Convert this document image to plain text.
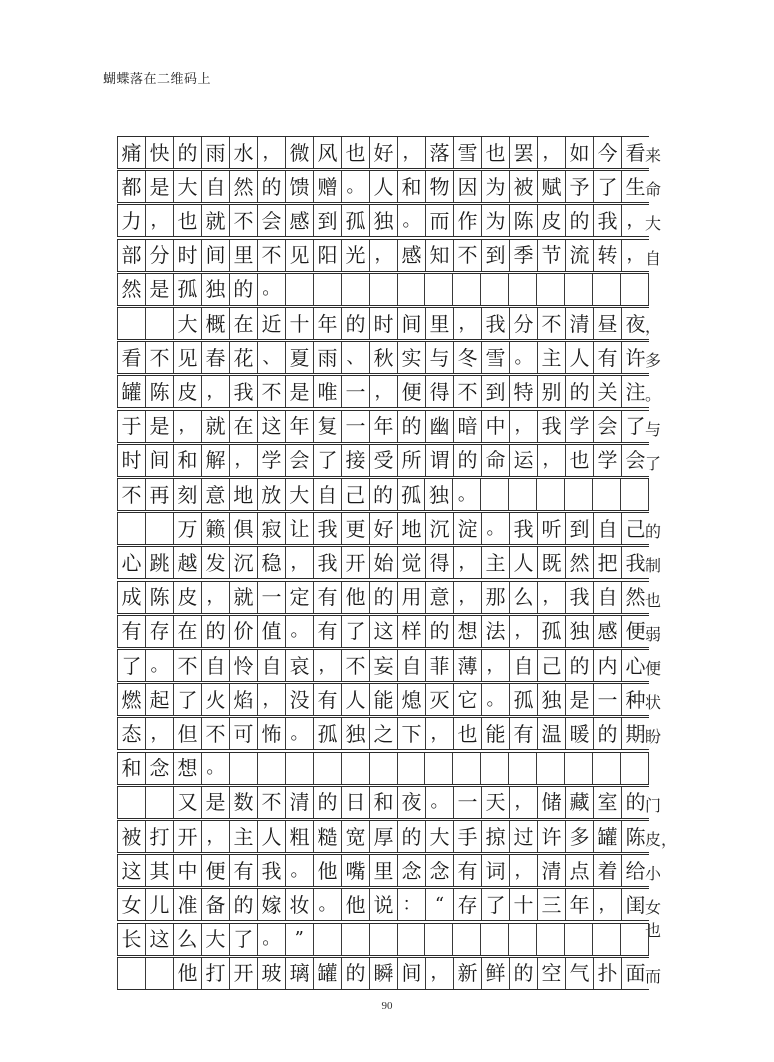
蝴蝶落在二维码上
痛 快 的 雨 水 ， 微 风 也 好 ， 落 雪 也 罢 ， 如 今 看 来
都 是 大 自 然 的 馈 赠 。 人 和 物 因 为 被 赋 予 了 生 命
力 ， 也 就 不 会 感 到 孤 独 。 而 作 为 陈 皮 的 我 ， 大
部 分 时 间 里 不 见 阳 光 ， 感 知 不 到 季 节 流 转 ， 自
然 是 孤 独 的 。
大 概 在 近 十 年 的 时 间 里 ， 我 分 不 清 昼 夜 ，
看 不 见 春 花 、 夏 雨 、 秋 实 与 冬 雪 。 主 人 有 许 多
罐 陈 皮 ， 我 不 是 唯 一 ， 便 得 不 到 特 别 的 关 注 。
于 是 ， 就 在 这 年 复 一 年 的 幽 暗 中 ， 我 学 会 了 与
时 间 和 解 ， 学 会 了 接 受 所 谓 的 命 运 ， 也 学 会 了
不 再 刻 意 地 放 大 自 己 的 孤 独 。
万 籁 俱 寂 让 我 更 好 地 沉 淀 。 我 听 到 自 己 的
心 跳 越 发 沉 稳 ， 我 开 始 觉 得 ， 主 人 既 然 把 我 制
成 陈 皮 ， 就 一 定 有 他 的 用 意 ， 那 么 ， 我 自 然 也
有 存 在 的 价 值 。 有 了 这 样 的 想 法 ， 孤 独 感 便 弱
了 。 不 自 怜 自 哀 ， 不 妄 自 菲 薄 ， 自 己 的 内 心 便
燃 起 了 火 焰 ， 没 有 人 能 熄 灭 它 。 孤 独 是 一 种 状
态 ， 但 不 可 怖 。 孤 独 之 下 ， 也 能 有 温 暖 的 期 盼
和 念 想 。
又 是 数 不 清 的 日 和 夜 。 一 天 ， 储 藏 室 的 门
被 打 开 ， 主 人 粗 糙 宽 厚 的 大 手 掠 过 许 多 罐 陈 皮，
这 其 中 便 有 我 。 他 嘴 里 念 念 有 词 ， 清 点 着 给 小
女 儿 准 备 的 嫁 妆 。 他 说 ： “ 存 了 十 三 年 ， 闺 女也
长 这 么 大 了 。 ”
他 打 开 玻 璃 罐 的 瞬 间 ， 新 鲜 的 空 气 扑 面 而
90
